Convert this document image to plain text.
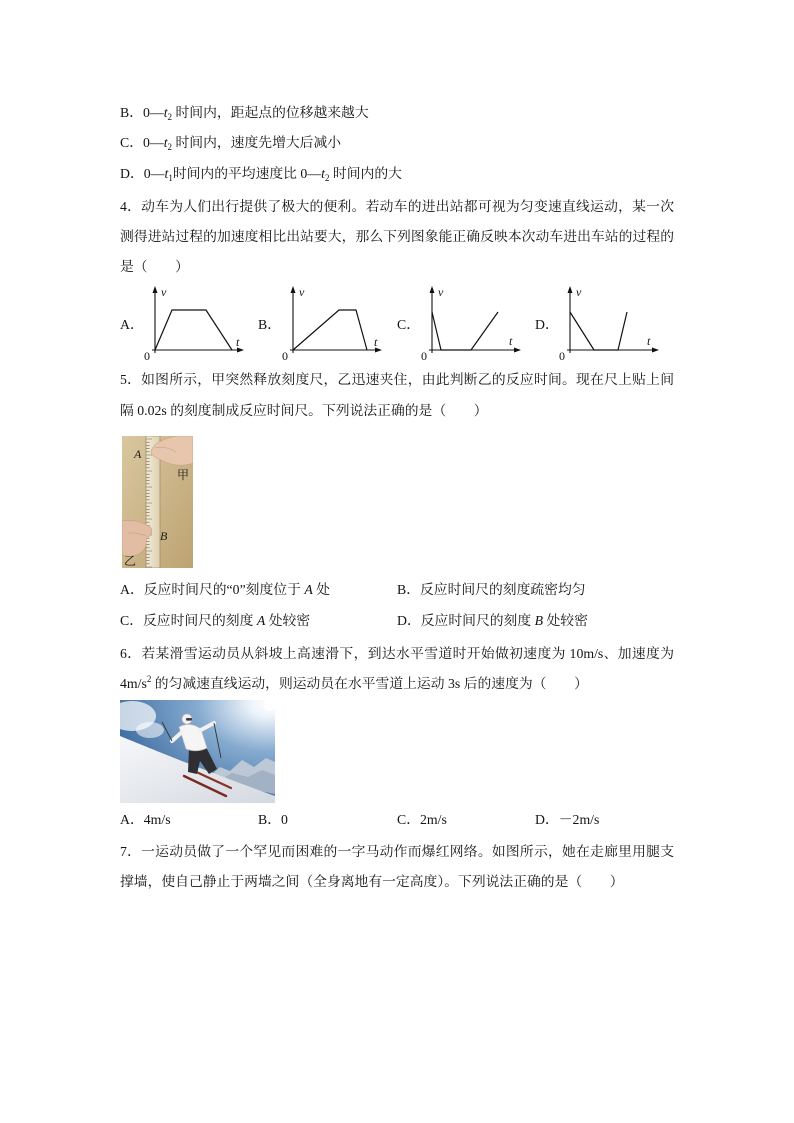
B．$0—t_2$ 时间内，距起点的位移越来越大
C．$0—t_2$ 时间内，速度先增大后减小
D．$0—t_1$时间内的平均速度比 $0—t_2$ 时间内的大
4．动车为人们出行提供了极大的便利。若动车的进出站都可视为匀变速直线运动，某一次
测得进站过程的加速度相比出站要大，那么下列图象能正确反映本次动车进出车站的过程的
是（　　）
A．	B．	C．	D．
v
t
0
v
t
0
v
t
0
v
t
0
5．如图所示，甲突然释放刻度尺，乙迅速夹住，由此判断乙的反应时间。现在尺上贴上间
隔 0.02s 的刻度制成反应时间尺。下列说法正确的是（　　）
A
甲
B
乙
A．反应时间尺的“0”刻度位于 A 处	B．反应时间尺的刻度疏密均匀
C．反应时间尺的刻度 A 处较密	D．反应时间尺的刻度 B 处较密
6．若某滑雪运动员从斜坡上高速滑下，到达水平雪道时开始做初速度为 10m/s、加速度为
$4m/s^2$ 的匀减速直线运动，则运动员在水平雪道上运动 3s 后的速度为（　　）
A．4m/s	B．0	C．2m/s	D．－2m/s
7．一运动员做了一个罕见而困难的一字马动作而爆红网络。如图所示，她在走廊里用腿支
撑墙，使自己静止于两墙之间（全身离地有一定高度）。下列说法正确的是（　　）
